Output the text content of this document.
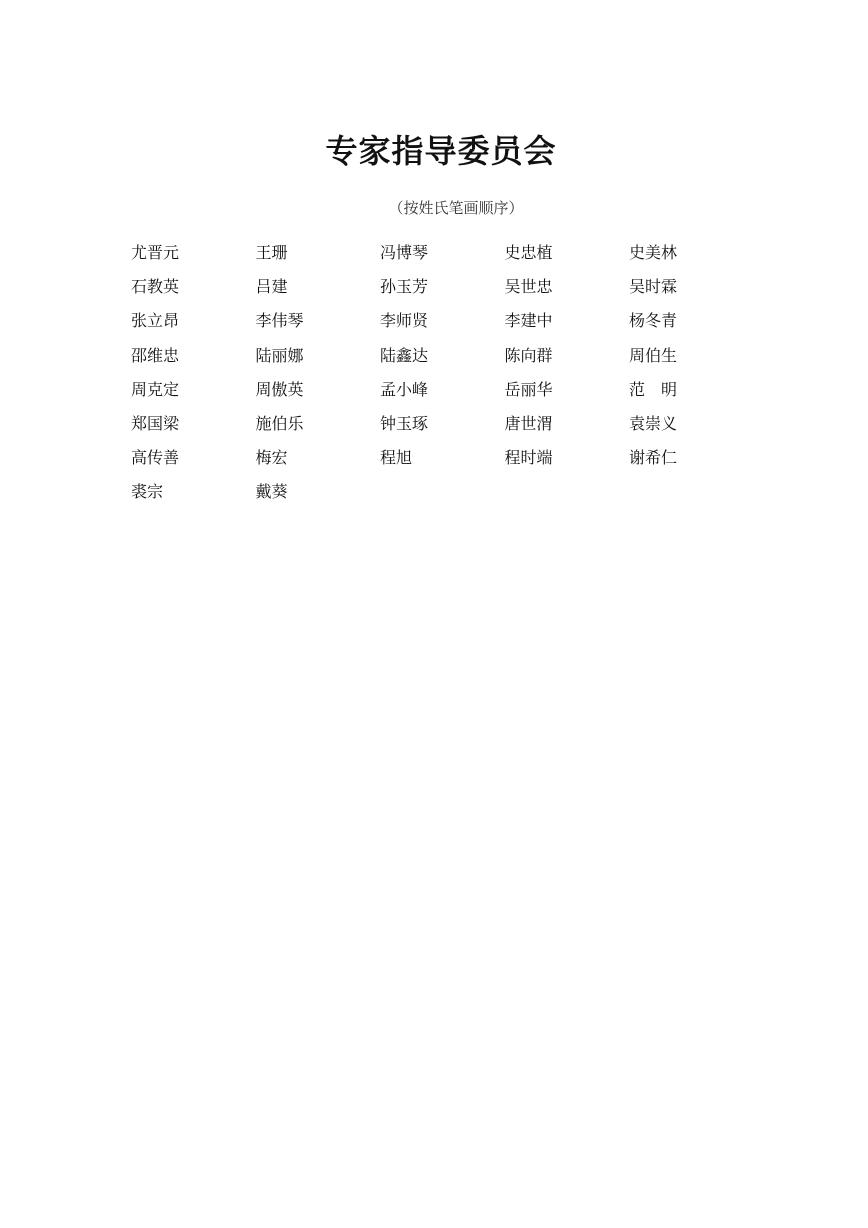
专家指导委员会
（按姓氏笔画顺序）
尤晋元	王珊	冯博琴	史忠植	史美林
石教英	吕建	孙玉芳	吴世忠	吴时霖
张立昂	李伟琴	李师贤	李建中	杨冬青
邵维忠	陆丽娜	陆鑫达	陈向群	周伯生
周克定	周傲英	孟小峰	岳丽华	范　明
郑国梁	施伯乐	钟玉琢	唐世渭	袁崇义
高传善	梅宏	程旭	程时端	谢希仁
裘宗	戴葵
